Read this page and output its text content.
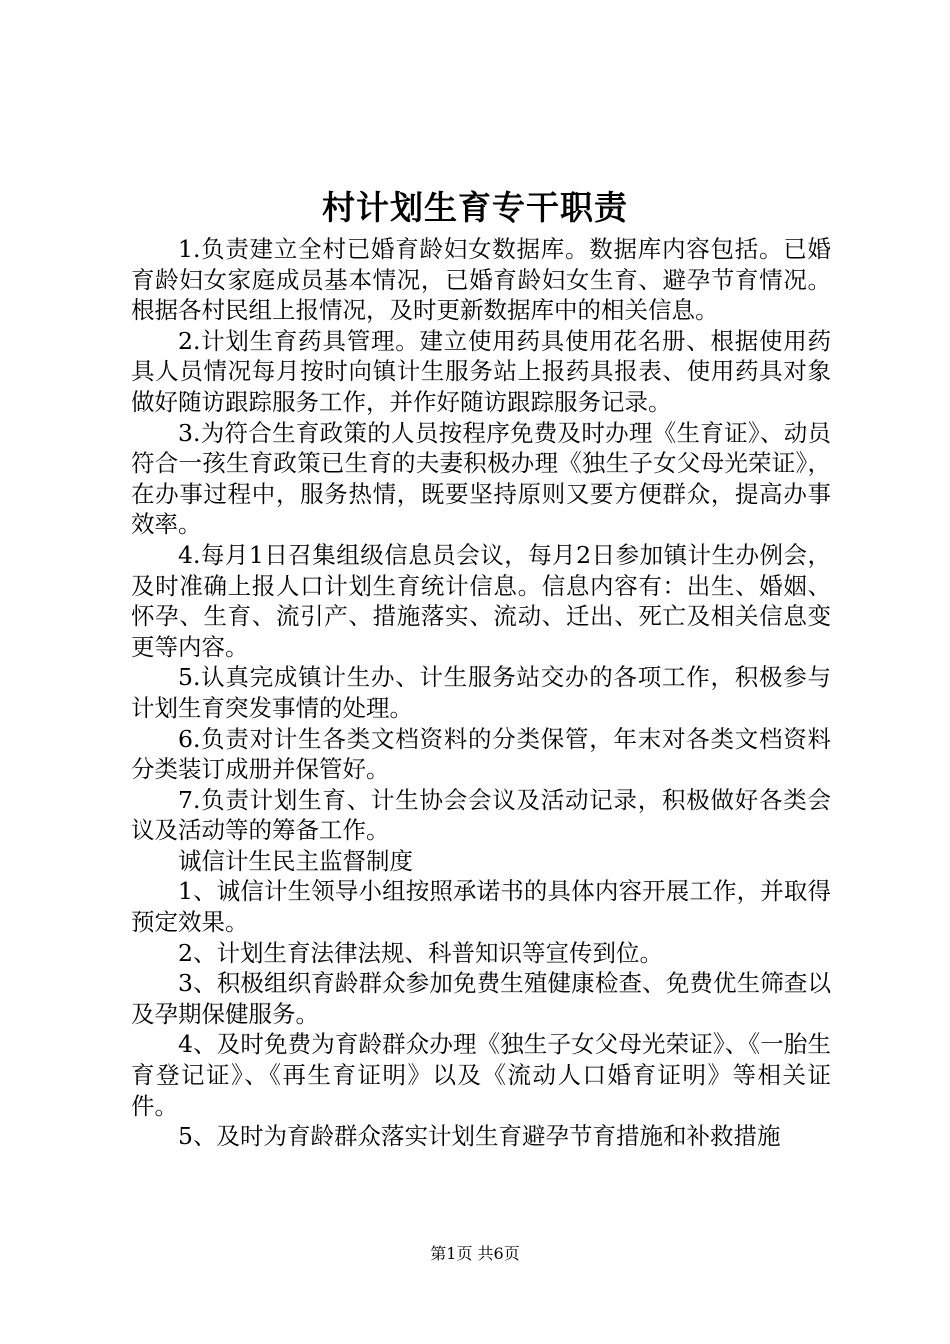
村计划生育专干职责

1.负责建立全村已婚育龄妇女数据库。数据库内容包括。已婚育龄妇女家庭成员基本情况，已婚育龄妇女生育、避孕节育情况。根据各村民组上报情况，及时更新数据库中的相关信息。

2.计划生育药具管理。建立使用药具使用花名册、根据使用药具人员情况每月按时向镇计生服务站上报药具报表、使用药具对象做好随访跟踪服务工作，并作好随访跟踪服务记录。

3.为符合生育政策的人员按程序免费及时办理《生育证》、动员符合一孩生育政策已生育的夫妻积极办理《独生子女父母光荣证》，在办事过程中，服务热情，既要坚持原则又要方便群众，提高办事效率。

4.每月1日召集组级信息员会议，每月2日参加镇计生办例会，及时准确上报人口计划生育统计信息。信息内容有：出生、婚姻、怀孕、生育、流引产、措施落实、流动、迁出、死亡及相关信息变更等内容。

5.认真完成镇计生办、计生服务站交办的各项工作，积极参与计划生育突发事情的处理。

6.负责对计生各类文档资料的分类保管，年末对各类文档资料分类装订成册并保管好。

7.负责计划生育、计生协会会议及活动记录，积极做好各类会议及活动等的筹备工作。

诚信计生民主监督制度

1、诚信计生领导小组按照承诺书的具体内容开展工作，并取得预定效果。

2、计划生育法律法规、科普知识等宣传到位。

3、积极组织育龄群众参加免费生殖健康检查、免费优生筛查以及孕期保健服务。

4、及时免费为育龄群众办理《独生子女父母光荣证》、《一胎生育登记证》、《再生育证明》以及《流动人口婚育证明》等相关证件。

5、及时为育龄群众落实计划生育避孕节育措施和补救措施

第1页 共6页
